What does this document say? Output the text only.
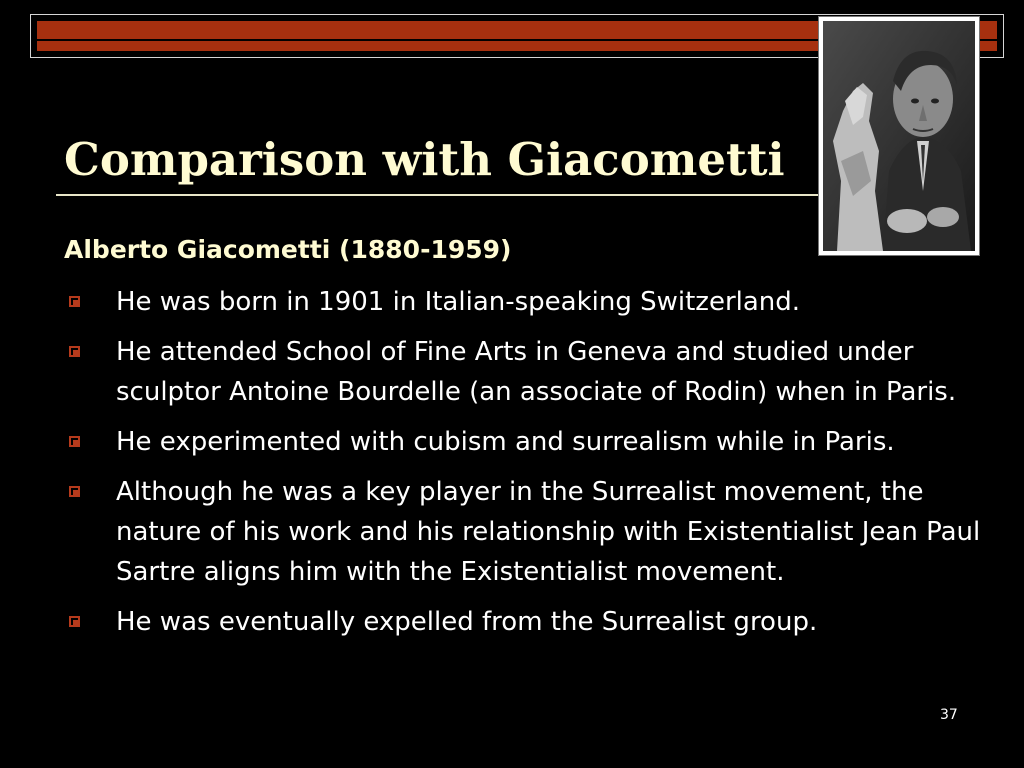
Comparison with Giacometti
Alberto Giacometti (1880-1959)
He was born in 1901 in Italian-speaking Switzerland.
He attended School of Fine Arts in Geneva and studied under sculptor Antoine Bourdelle (an associate of Rodin) when in Paris.
He experimented with cubism and surrealism while in Paris.
Although he was a key player in the Surrealist movement, the nature of his work and his relationship with Existentialist Jean Paul Sartre aligns him with the Existentialist movement.
He was eventually expelled from the Surrealist group.
37
